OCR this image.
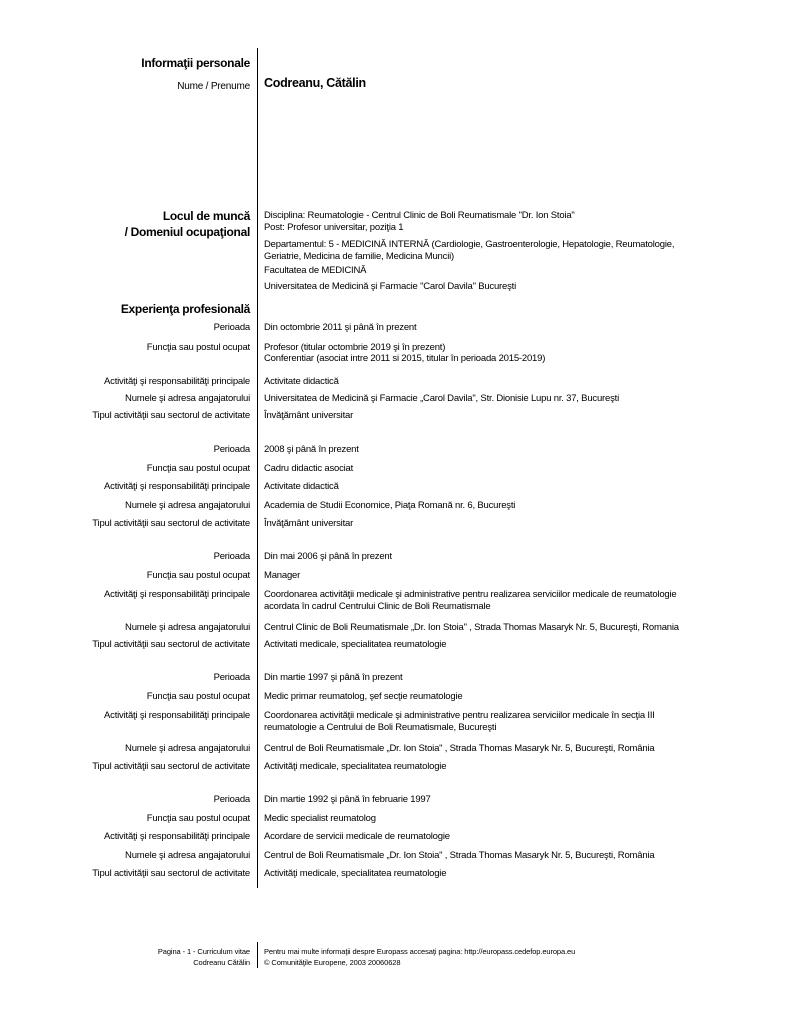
Informaţii personale
Nume / Prenume Codreanu, Cătălin
Locul de muncă
/ Domeniul ocupaţional
Disciplina: Reumatologie - Centrul Clinic de Boli Reumatismale "Dr. Ion Stoia"
Post: Profesor universitar, poziţia 1
Departamentul: 5 - MEDICINĂ INTERNĂ (Cardiologie, Gastroenterologie, Hepatologie, Reumatologie,
Geriatrie, Medicina de familie, Medicina Muncii)
Facultatea de MEDICINĂ
Universitatea de Medicină şi Farmacie "Carol Davila" Bucureşti
Experienţa profesională
Perioada Din octombrie 2011 şi până în prezent
Funcţia sau postul ocupat Profesor (titular octombrie 2019 şi în prezent)
Conferentiar (asociat intre 2011 si 2015, titular în perioada 2015-2019)
Activităţi şi responsabilităţi principale Activitate didactică
Numele şi adresa angajatorului Universitatea de Medicină şi Farmacie „Carol Davila", Str. Dionisie Lupu nr. 37, Bucureşti
Tipul activităţii sau sectorul de activitate Învăţământ universitar
Perioada 2008 şi până în prezent
Funcţia sau postul ocupat Cadru didactic asociat
Activităţi şi responsabilităţi principale Activitate didactică
Numele şi adresa angajatorului Academia de Studii Economice, Piaţa Romană nr. 6, Bucureşti
Tipul activităţii sau sectorul de activitate Învăţământ universitar
Perioada Din mai 2006 şi până în prezent
Funcţia sau postul ocupat Manager
Activităţi şi responsabilităţi principale Coordonarea activităţii medicale şi administrative pentru realizarea serviciilor medicale de reumatologie
acordata în cadrul Centrului Clinic de Boli Reumatismale
Numele şi adresa angajatorului Centrul Clinic de Boli Reumatismale „Dr. Ion Stoia" , Strada Thomas Masaryk Nr. 5, Bucureşti, Romania
Tipul activităţii sau sectorul de activitate Activitati medicale, specialitatea reumatologie
Perioada Din martie 1997 şi până în prezent
Funcţia sau postul ocupat Medic primar reumatolog, şef secţie reumatologie
Activităţi şi responsabilităţi principale Coordonarea activităţii medicale şi administrative pentru realizarea serviciilor medicale în secţia III
reumatologie a Centrului de Boli Reumatismale, Bucureşti
Numele şi adresa angajatorului Centrul de Boli Reumatismale „Dr. Ion Stoia" , Strada Thomas Masaryk Nr. 5, Bucureşti, România
Tipul activităţii sau sectorul de activitate Activităţi medicale, specialitatea reumatologie
Perioada Din martie 1992 şi până în februarie 1997
Funcţia sau postul ocupat Medic specialist reumatolog
Activităţi şi responsabilităţi principale Acordare de servicii medicale de reumatologie
Numele şi adresa angajatorului Centrul de Boli Reumatismale „Dr. Ion Stoia" , Strada Thomas Masaryk Nr. 5, Bucureşti, România
Tipul activităţii sau sectorul de activitate Activităţi medicale, specialitatea reumatologie
Pagina - 1 - Curriculum vitae
Codreanu Cătălin
Pentru mai multe informaţii despre Europass accesaţi pagina: http://europass.cedefop.europa.eu
© Comunităţile Europene, 2003 20060628
